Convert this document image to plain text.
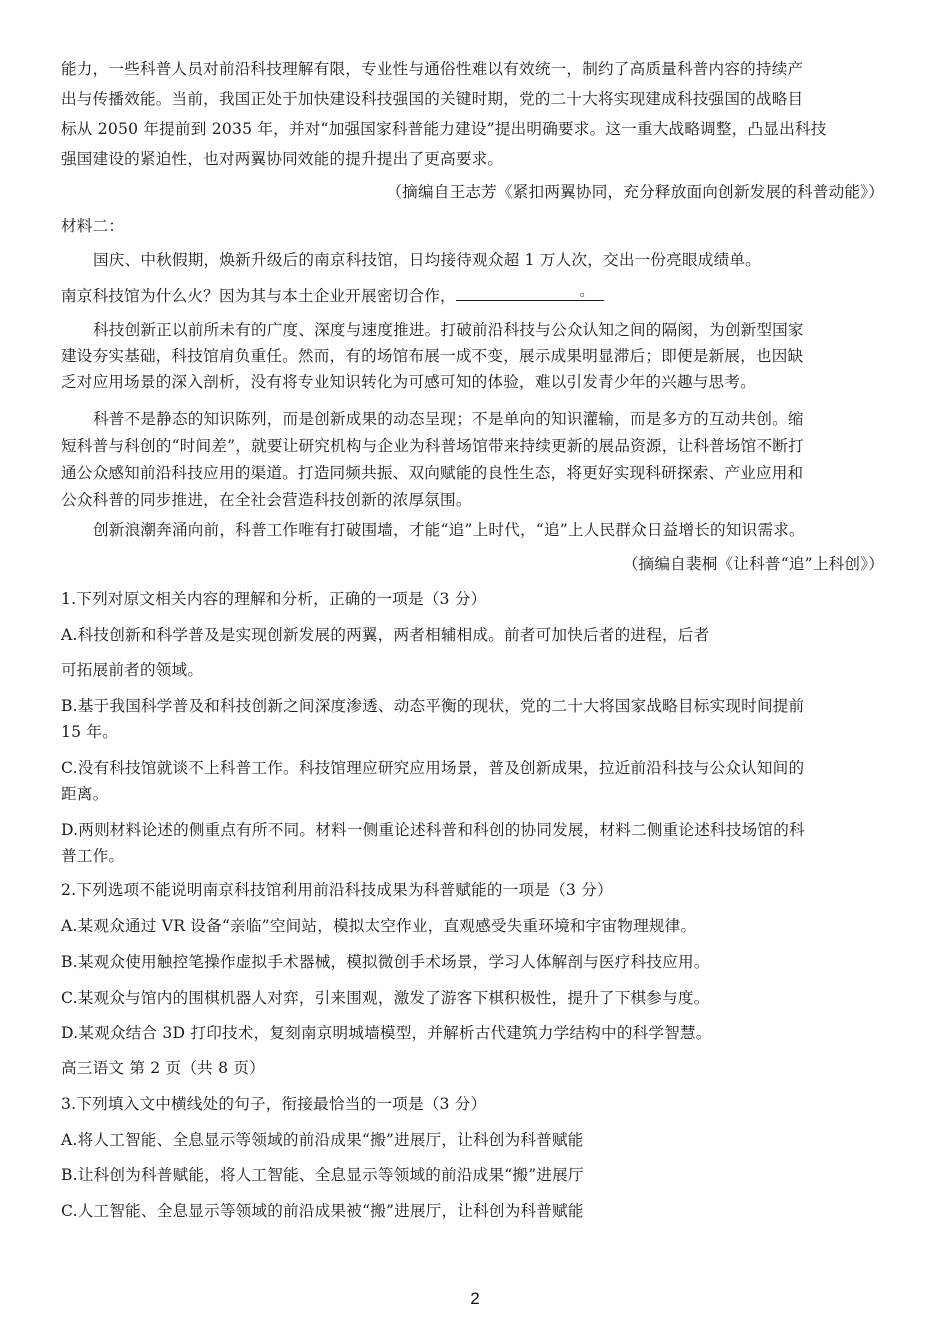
能力，一些科普人员对前沿科技理解有限，专业性与通俗性难以有效统一，制约了高质量科普内容的持续产
出与传播效能。当前，我国正处于加快建设科技强国的关键时期，党的二十大将实现建成科技强国的战略目
标从 2050 年提前到 2035 年，并对“加强国家科普能力建设”提出明确要求。这一重大战略调整，凸显出科技
强国建设的紧迫性，也对两翼协同效能的提升提出了更高要求。
（摘编自王志芳《紧扣两翼协同，充分释放面向创新发展的科普动能》）
材料二：
国庆、中秋假期，焕新升级后的南京科技馆，日均接待观众超 1 万人次，交出一份亮眼成绩单。
南京科技馆为什么火？因为其与本土企业开展密切合作，	。
科技创新正以前所未有的广度、深度与速度推进。打破前沿科技与公众认知之间的隔阂，为创新型国家
建设夯实基础，科技馆肩负重任。然而，有的场馆布展一成不变，展示成果明显滞后；即便是新展，也因缺
乏对应用场景的深入剖析，没有将专业知识转化为可感可知的体验，难以引发青少年的兴趣与思考。
科普不是静态的知识陈列，而是创新成果的动态呈现；不是单向的知识灌输，而是多方的互动共创。缩
短科普与科创的“时间差”，就要让研究机构与企业为科普场馆带来持续更新的展品资源，让科普场馆不断打
通公众感知前沿科技应用的渠道。打造同频共振、双向赋能的良性生态，将更好实现科研探索、产业应用和
公众科普的同步推进，在全社会营造科技创新的浓厚氛围。
创新浪潮奔涌向前，科普工作唯有打破围墙，才能“追”上时代，“追”上人民群众日益增长的知识需求。
（摘编自裴桐《让科普“追”上科创》）
1.下列对原文相关内容的理解和分析，正确的一项是（3 分）
A.科技创新和科学普及是实现创新发展的两翼，两者相辅相成。前者可加快后者的进程，后者
可拓展前者的领域。
B.基于我国科学普及和科技创新之间深度渗透、动态平衡的现状，党的二十大将国家战略目标实现时间提前
15 年。
C.没有科技馆就谈不上科普工作。科技馆理应研究应用场景，普及创新成果，拉近前沿科技与公众认知间的
距离。
D.两则材料论述的侧重点有所不同。材料一侧重论述科普和科创的协同发展，材料二侧重论述科技场馆的科
普工作。
2.下列选项不能说明南京科技馆利用前沿科技成果为科普赋能的一项是（3 分）
A.某观众通过 VR 设备“亲临”空间站，模拟太空作业，直观感受失重环境和宇宙物理规律。
B.某观众使用触控笔操作虚拟手术器械，模拟微创手术场景，学习人体解剖与医疗科技应用。
C.某观众与馆内的围棋机器人对弈，引来围观，激发了游客下棋积极性，提升了下棋参与度。
D.某观众结合 3D 打印技术，复刻南京明城墙模型，并解析古代建筑力学结构中的科学智慧。
高三语文 第 2 页（共 8 页）
3.下列填入文中横线处的句子，衔接最恰当的一项是（3 分）
A.将人工智能、全息显示等领域的前沿成果“搬”进展厅，让科创为科普赋能
B.让科创为科普赋能，将人工智能、全息显示等领域的前沿成果“搬”进展厅
C.人工智能、全息显示等领域的前沿成果被“搬”进展厅，让科创为科普赋能
2
